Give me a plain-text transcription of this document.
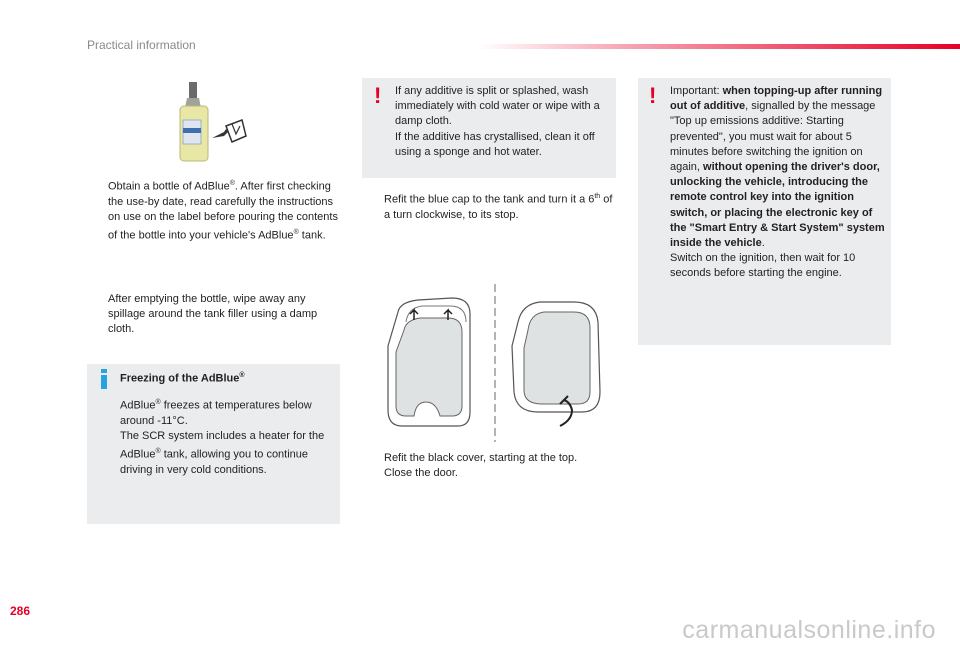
Practical information
Obtain a bottle of AdBlue®. After first checking the use-by date, read carefully the instructions on use on the label before pouring the contents of the bottle into your vehicle's AdBlue® tank.
After emptying the bottle, wipe away any spillage around the tank filler using a damp cloth.
Freezing of the AdBlue®

AdBlue® freezes at temperatures below around -11°C.

The SCR system includes a heater for the AdBlue® tank, allowing you to continue driving in very cold conditions.

! If any additive is split or splashed, wash immediately with cold water or wipe with a damp cloth.

If the additive has crystallised, clean it off using a sponge and hot water.

Refit the blue cap to the tank and turn it a 6th of a turn clockwise, to its stop.
Refit the black cover, starting at the top.
Close the door.
! Important: when topping-up after running out of additive, signalled by the message "Top up emissions additive: Starting prevented", you must wait for about 5 minutes before switching the ignition on again, without opening the driver's door, unlocking the vehicle, introducing the remote control key into the ignition switch, or placing the electronic key of the "Smart Entry & Start System" system inside the vehicle.

Switch on the ignition, then wait for 10 seconds before starting the engine.

286
carmanualsonline.info
